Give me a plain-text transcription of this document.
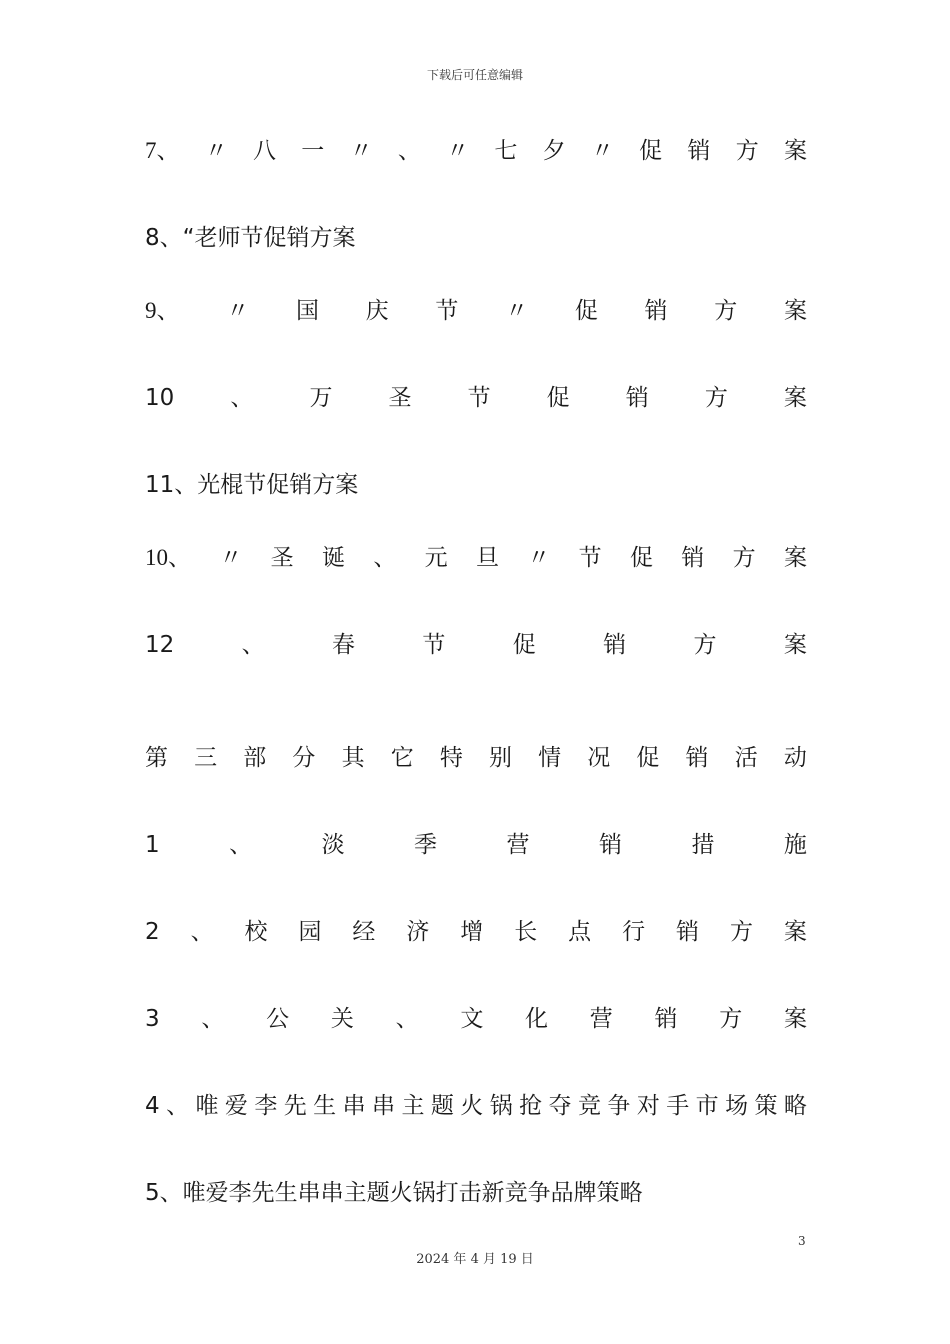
下载后可任意编辑
7、 〃 八 一 〃 、 〃 七 夕 〃 促 销 方 案
8、“老师节促销方案
9、 〃 国 庆 节 〃 促 销 方 案
10 、 万 圣 节 促 销 方 案
11、光棍节促销方案
10、 〃 圣 诞 、 元 旦 〃 节 促 销 方 案
12	、	春	节	促	销	方	案
第 三 部 分 其 它 特 别 情 况 促 销 活 动
1	、	淡	季	营	销	措	施
2 、 校 园 经 济 增 长 点 行 销 方 案
3 、 公 关 、 文 化 营 销 方 案
4 、 唯 爱 李 先 生 串 串 主 题 火 锅 抢 夺 竞 争 对 手 市 场 策 略
5、唯爱李先生串串主题火锅打击新竞争品牌策略
3
2024 年 4 月 19 日
